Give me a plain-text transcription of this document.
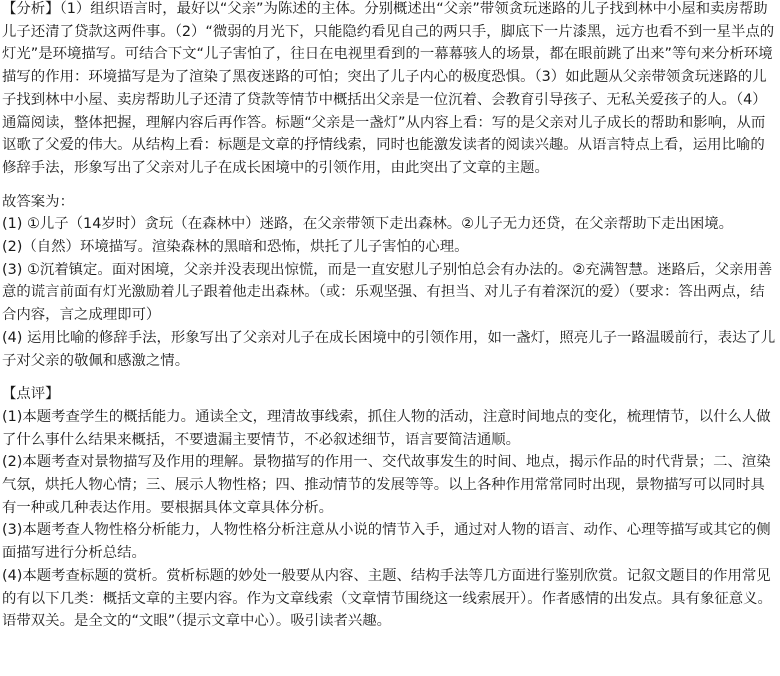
【分析】（1）组织语言时，最好以“父亲”为陈述的主体。分别概述出“父亲”带领贪玩迷路的儿子找到林中小屋和卖房帮助儿子还清了贷款这两件事。（2）“微弱的月光下，只能隐约看见自己的两只手，脚底下一片漆黑，远方也看不到一星半点的灯光”是环境描写。可结合下文“儿子害怕了，往日在电视里看到的一幕幕骇人的场景，都在眼前跳了出来”等句来分析环境描写的作用：环境描写是为了渲染了黑夜迷路的可怕；突出了儿子内心的极度恐惧。（3）如此题从父亲带领贪玩迷路的儿子找到林中小屋、卖房帮助儿子还清了贷款等情节中概括出父亲是一位沉着、会教育引导孩子、无私关爱孩子的人。（4）通篇阅读，整体把握，理解内容后再作答。标题“父亲是一盏灯”从内容上看：写的是父亲对儿子成长的帮助和影响，从而讴歌了父爱的伟大。从结构上看：标题是文章的抒情线索，同时也能激发读者的阅读兴趣。从语言特点上看，运用比喻的修辞手法，形象写出了父亲对儿子在成长困境中的引领作用，由此突出了文章的主题。

故答案为：

(1) ①儿子（14岁时）贪玩（在森林中）迷路，在父亲带领下走出森林。②儿子无力还贷，在父亲帮助下走出困境。

(2)（自然）环境描写。渲染森林的黑暗和恐怖，烘托了儿子害怕的心理。

(3) ①沉着镇定。面对困境，父亲并没表现出惊慌，而是一直安慰儿子别怕总会有办法的。②充满智慧。迷路后，父亲用善意的谎言前面有灯光激励着儿子跟着他走出森林。（或：乐观坚强、有担当、对儿子有着深沉的爱）（要求：答出两点，结合内容，言之成理即可）

(4) 运用比喻的修辞手法，形象写出了父亲对儿子在成长困境中的引领作用，如一盏灯，照亮儿子一路温暖前行，表达了儿子对父亲的敬佩和感激之情。

【点评】

(1)本题考查学生的概括能力。通读全文，理清故事线索，抓住人物的活动，注意时间地点的变化，梳理情节，以什么人做了什么事什么结果来概括，不要遗漏主要情节，不必叙述细节，语言要简洁通顺。

(2)本题考查对景物描写及作用的理解。景物描写的作用一、交代故事发生的时间、地点，揭示作品的时代背景；二、渲染气氛，烘托人物心情；三、展示人物性格；四、推动情节的发展等等。以上各种作用常常同时出现，景物描写可以同时具有一种或几种表达作用。要根据具体文章具体分析。

(3)本题考查人物性格分析能力，人物性格分析注意从小说的情节入手，通过对人物的语言、动作、心理等描写或其它的侧面描写进行分析总结。

(4)本题考查标题的赏析。赏析标题的妙处一般要从内容、主题、结构手法等几方面进行鉴别欣赏。记叙文题目的作用常见的有以下几类：概括文章的主要内容。作为文章线索（文章情节围绕这一线索展开）。作者感情的出发点。具有象征意义。语带双关。是全文的“文眼”（提示文章中心）。吸引读者兴趣。
